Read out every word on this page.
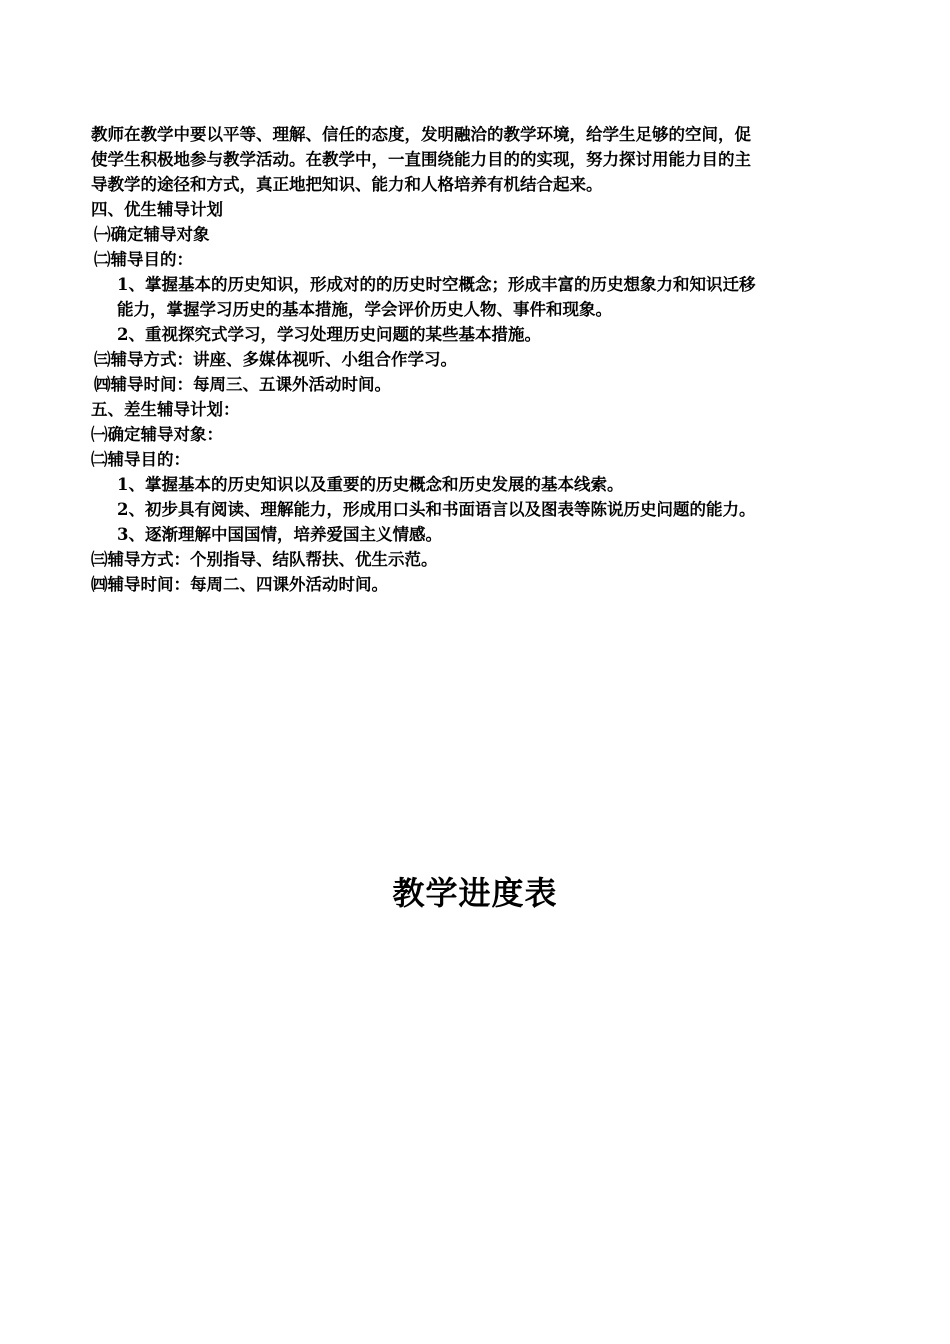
教师在教学中要以平等、理解、信任的态度，发明融洽的教学环境，给学生足够的空间，促

使学生积极地参与教学活动。在教学中，一直围绕能力目的的实现，努力探讨用能力目的主

导教学的途径和方式，真正地把知识、能力和人格培养有机结合起来。

四、优生辅导计划

㈠确定辅导对象

㈡辅导目的：

1、掌握基本的历史知识，形成对的的历史时空概念；形成丰富的历史想象力和知识迁移

能力，掌握学习历史的基本措施，学会评价历史人物、事件和现象。

2、重视探究式学习，学习处理历史问题的某些基本措施。

㈢辅导方式：讲座、多媒体视听、小组合作学习。

㈣辅导时间：每周三、五课外活动时间。

五、差生辅导计划：

㈠确定辅导对象：

㈡辅导目的：

1、掌握基本的历史知识以及重要的历史概念和历史发展的基本线索。

2、初步具有阅读、理解能力，形成用口头和书面语言以及图表等陈说历史问题的能力。

3、逐渐理解中国国情，培养爱国主义情感。

㈢辅导方式：个别指导、结队帮扶、优生示范。

㈣辅导时间：每周二、四课外活动时间。

教学进度表
